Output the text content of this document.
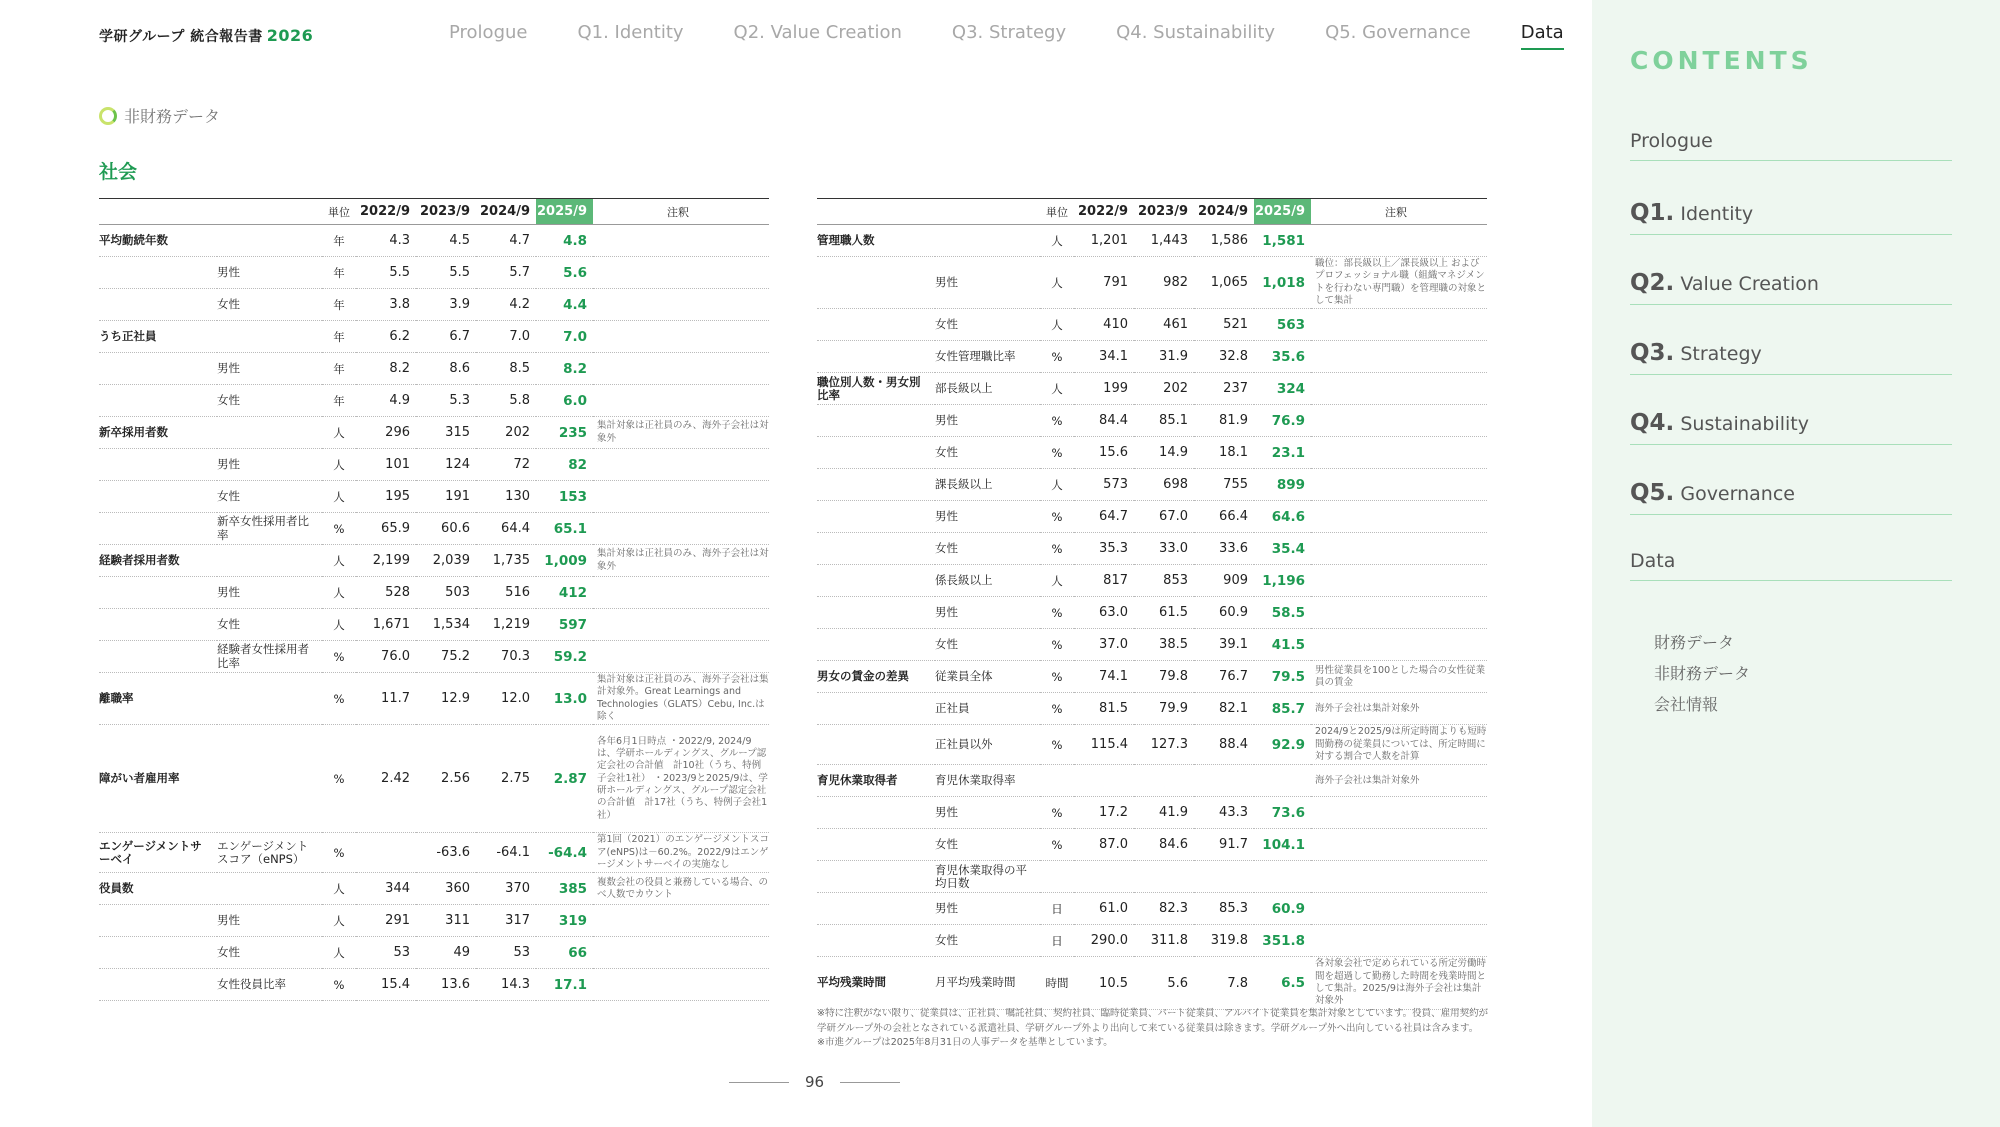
学研グループ 統合報告書 2026	Prologue	Q1. Identity	Q2. Value Creation	Q3. Strategy	Q4. Sustainability	Q5. Governance	Data
非財務データ
社会
		単位	2022/9	2023/9	2024/9	2025/9	注釈
平均勤続年数		年	4.3	4.5	4.7	4.8	
	男性	年	5.5	5.5	5.7	5.6	
	女性	年	3.8	3.9	4.2	4.4	
うち正社員		年	6.2	6.7	7.0	7.0	
	男性	年	8.2	8.6	8.5	8.2	
	女性	年	4.9	5.3	5.8	6.0	
新卒採用者数		人	296	315	202	235	集計対象は正社員のみ、海外子会社は対象外
	男性	人	101	124	72	82	
	女性	人	195	191	130	153	
	新卒女性採用者比率	%	65.9	60.6	64.4	65.1	
経験者採用者数		人	2,199	2,039	1,735	1,009	集計対象は正社員のみ、海外子会社は対象外
	男性	人	528	503	516	412	
	女性	人	1,671	1,534	1,219	597	
	経験者女性採用者比率	%	76.0	75.2	70.3	59.2	
離職率		%	11.7	12.9	12.0	13.0	集計対象は正社員のみ、海外子会社は集計対象外。Great Learnings and Technologies（GLATS）Cebu, Inc.は除く
障がい者雇用率		%	2.42	2.56	2.75	2.87	各年6月1日時点 ・2022/9, 2024/9は、学研ホールディングス、グループ認定会社の合計値　計10社（うち、特例子会社1社） ・2023/9と2025/9は、学研ホールディングス、グループ認定会社の合計値　計17社（うち、特例子会社1社）
エンゲージメントサーベイ	エンゲージメントスコア（eNPS）	%		-63.6	-64.1	-64.4	第1回（2021）のエンゲージメントスコア(eNPS)は－60.2%。2022/9はエンゲージメントサーベイの実施なし
役員数		人	344	360	370	385	複数会社の役員と兼務している場合、のべ人数でカウント
	男性	人	291	311	317	319	
	女性	人	53	49	53	66	
	女性役員比率	%	15.4	13.6	14.3	17.1	
		単位	2022/9	2023/9	2024/9	2025/9	注釈
管理職人数		人	1,201	1,443	1,586	1,581	
	男性	人	791	982	1,065	1,018	職位：部長級以上／課長級以上 およびプロフェッショナル職（組織マネジメントを行わない専門職）を管理職の対象として集計
	女性	人	410	461	521	563	
	女性管理職比率	%	34.1	31.9	32.8	35.6	
職位別人数・男女別比率	部長級以上	人	199	202	237	324	
	男性	%	84.4	85.1	81.9	76.9	
	女性	%	15.6	14.9	18.1	23.1	
	課長級以上	人	573	698	755	899	
	男性	%	64.7	67.0	66.4	64.6	
	女性	%	35.3	33.0	33.6	35.4	
	係長級以上	人	817	853	909	1,196	
	男性	%	63.0	61.5	60.9	58.5	
	女性	%	37.0	38.5	39.1	41.5	
男女の賃金の差異	従業員全体	%	74.1	79.8	76.7	79.5	男性従業員を100とした場合の女性従業員の賃金
	正社員	%	81.5	79.9	82.1	85.7	海外子会社は集計対象外
	正社員以外	%	115.4	127.3	88.4	92.9	2024/9と2025/9は所定時間よりも短時間勤務の従業員については、所定時間に対する割合で人数を計算
育児休業取得者	育児休業取得率						海外子会社は集計対象外
	男性	%	17.2	41.9	43.3	73.6	
	女性	%	87.0	84.6	91.7	104.1	
	育児休業取得の平均日数						
	男性	日	61.0	82.3	85.3	60.9	
	女性	日	290.0	311.8	319.8	351.8	
平均残業時間	月平均残業時間	時間	10.5	5.6	7.8	6.5	各対象会社で定められている所定労働時間を超過して勤務した時間を残業時間として集計。2025/9は海外子会社は集計対象外
※特に注釈がない限り、従業員は、正社員、嘱託社員、契約社員、臨時従業員、パート従業員、アルバイト従業員を集計対象としています。役員、雇用契約が学研グループ外の会社となされている派遣社員、学研グループ外より出向して来ている従業員は除きます。学研グループ外へ出向している社員は含みます。
※市進グループは2025年8月31日の人事データを基準としています。
96
CONTENTS
Prologue
Q1. Identity
Q2. Value Creation
Q3. Strategy
Q4. Sustainability
Q5. Governance
Data
財務データ
非財務データ
会社情報
